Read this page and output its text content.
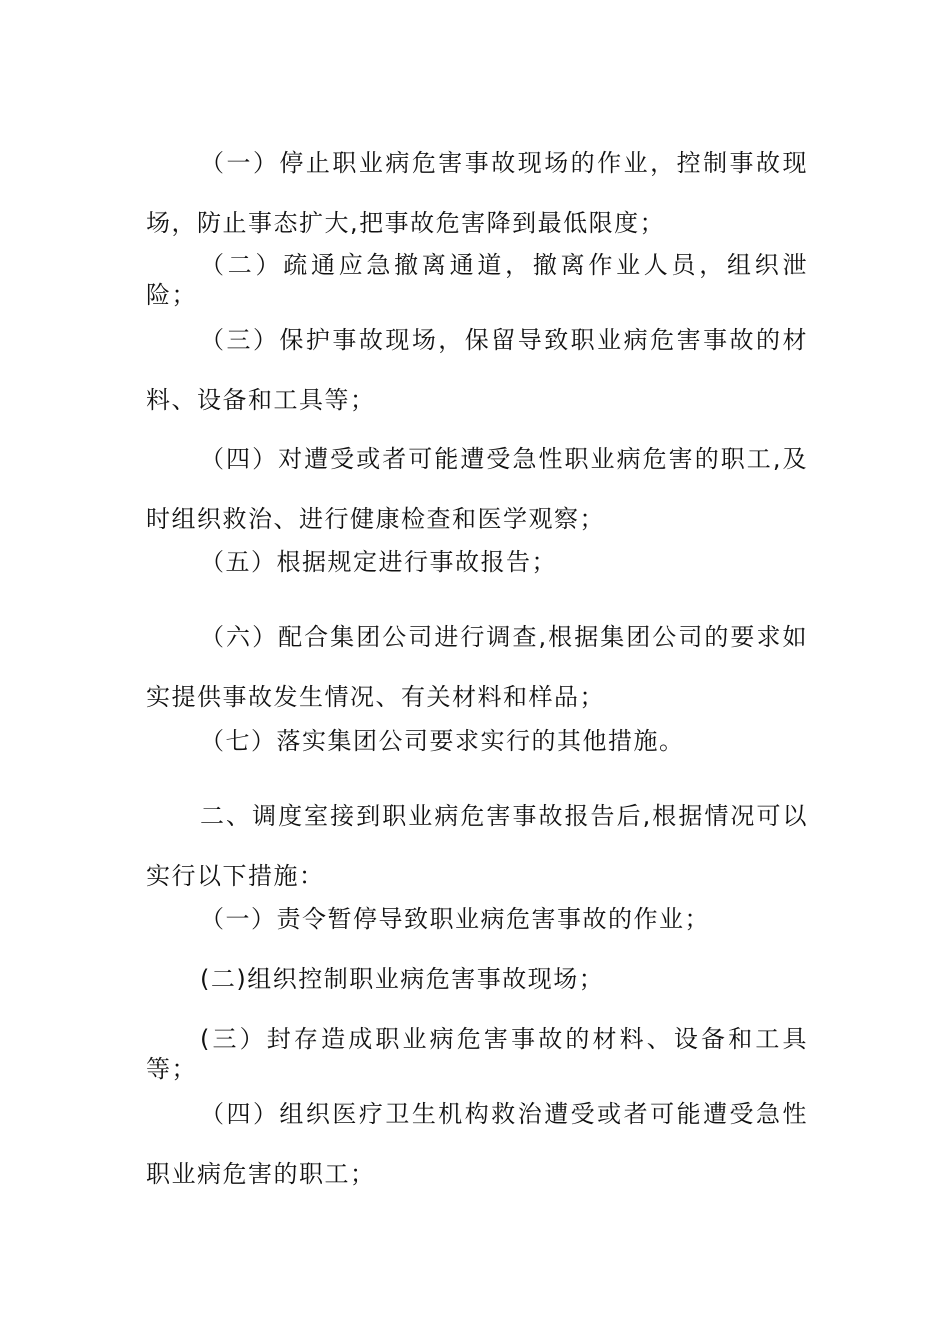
（一）停止职业病危害事故现场的作业，控制事故现场，防止事态扩大,把事故危害降到最低限度；

（二）疏通应急撤离通道，撤离作业人员，组织泄险；

（三）保护事故现场，保留导致职业病危害事故的材料、设备和工具等；

（四）对遭受或者可能遭受急性职业病危害的职工,及时组织救治、进行健康检查和医学观察；

（五）根据规定进行事故报告；

（六）配合集团公司进行调查,根据集团公司的要求如实提供事故发生情况、有关材料和样品；

（七）落实集团公司要求实行的其他措施。

二、调度室接到职业病危害事故报告后,根据情况可以实行以下措施：

（一）责令暂停导致职业病危害事故的作业；

(二)组织控制职业病危害事故现场；

(三）封存造成职业病危害事故的材料、设备和工具等；

（四）组织医疗卫生机构救治遭受或者可能遭受急性职业病危害的职工；
